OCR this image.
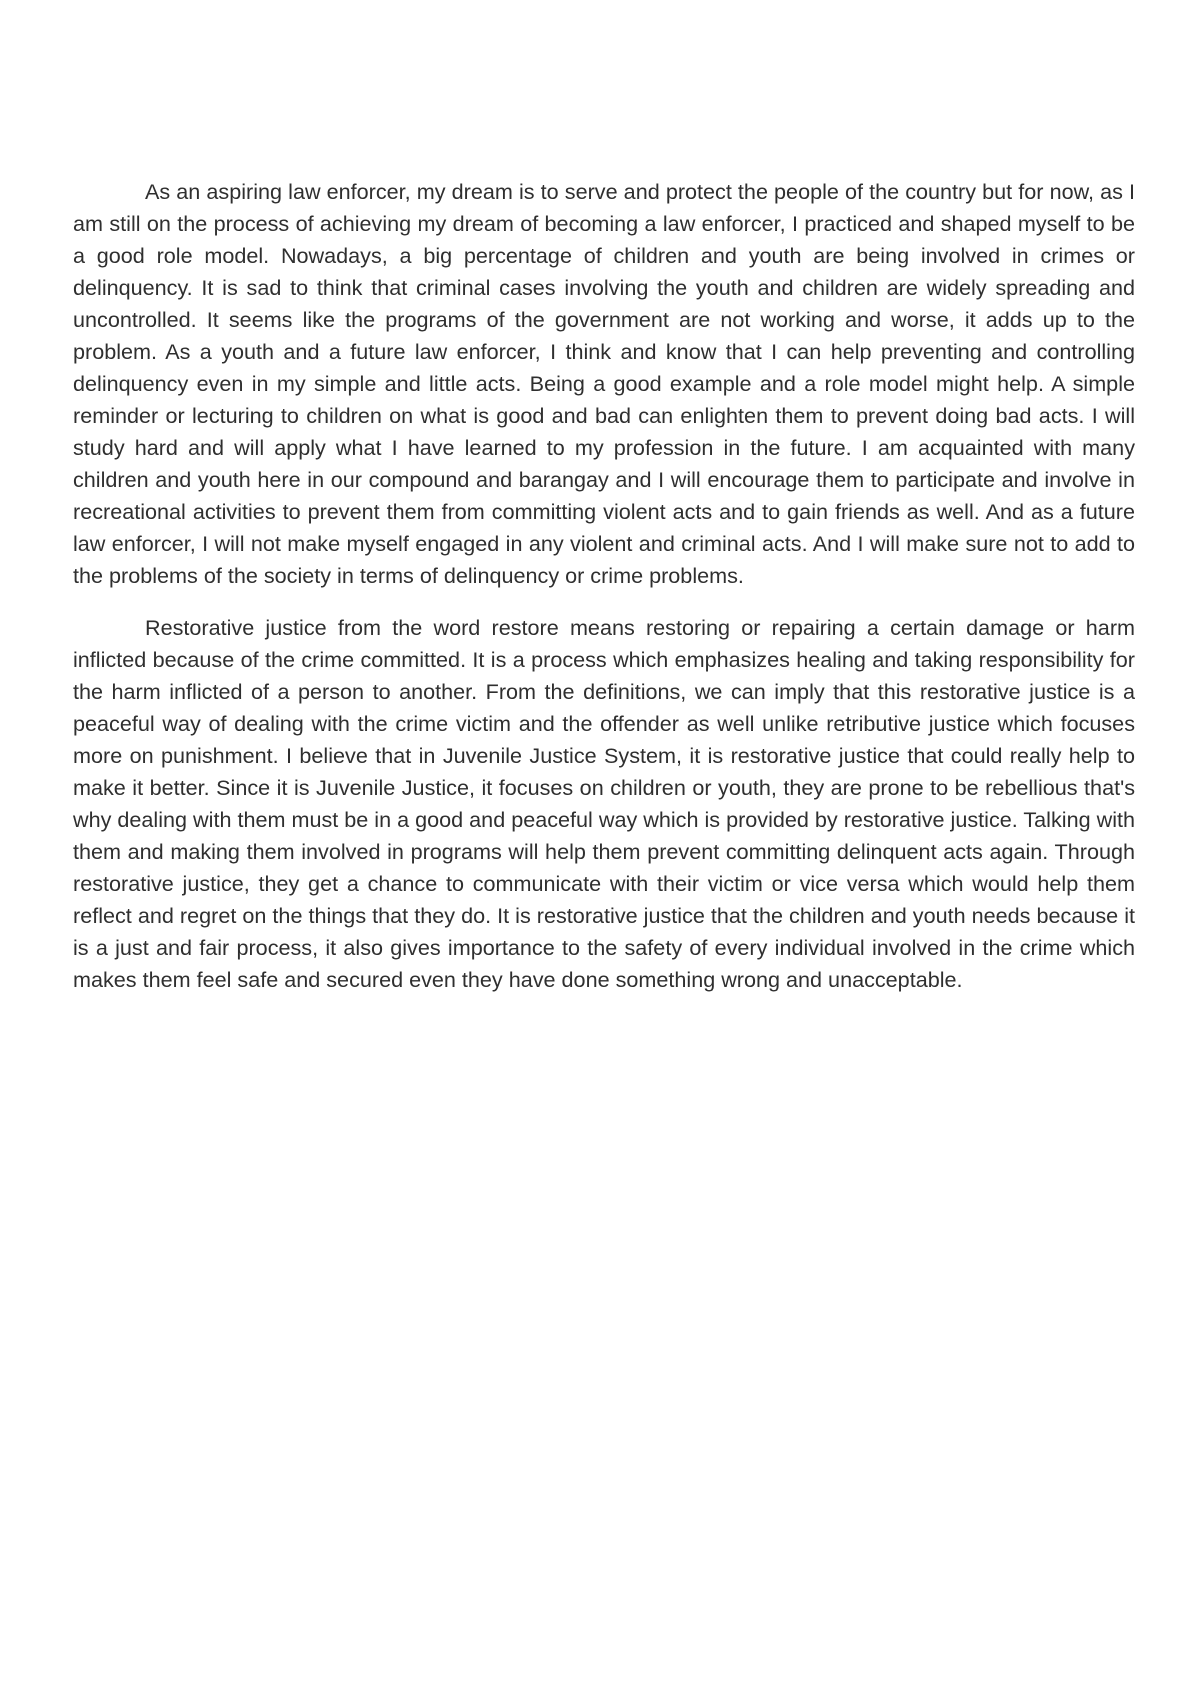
As an aspiring law enforcer, my dream is to serve and protect the people of the country but for now, as I am still on the process of achieving my dream of becoming a law enforcer, I practiced and shaped myself to be a good role model. Nowadays, a big percentage of children and youth are being involved in crimes or delinquency. It is sad to think that criminal cases involving the youth and children are widely spreading and uncontrolled. It seems like the programs of the government are not working and worse, it adds up to the problem. As a youth and a future law enforcer, I think and know that I can help preventing and controlling delinquency even in my simple and little acts. Being a good example and a role model might help. A simple reminder or lecturing to children on what is good and bad can enlighten them to prevent doing bad acts. I will study hard and will apply what I have learned to my profession in the future. I am acquainted with many children and youth here in our compound and barangay and I will encourage them to participate and involve in recreational activities to prevent them from committing violent acts and to gain friends as well. And as a future law enforcer, I will not make myself engaged in any violent and criminal acts. And I will make sure not to add to the problems of the society in terms of delinquency or crime problems.

Restorative justice from the word restore means restoring or repairing a certain damage or harm inflicted because of the crime committed. It is a process which emphasizes healing and taking responsibility for the harm inflicted of a person to another. From the definitions, we can imply that this restorative justice is a peaceful way of dealing with the crime victim and the offender as well unlike retributive justice which focuses more on punishment. I believe that in Juvenile Justice System, it is restorative justice that could really help to make it better. Since it is Juvenile Justice, it focuses on children or youth, they are prone to be rebellious that's why dealing with them must be in a good and peaceful way which is provided by restorative justice. Talking with them and making them involved in programs will help them prevent committing delinquent acts again. Through restorative justice, they get a chance to communicate with their victim or vice versa which would help them reflect and regret on the things that they do. It is restorative justice that the children and youth needs because it is a just and fair process, it also gives importance to the safety of every individual involved in the crime which makes them feel safe and secured even they have done something wrong and unacceptable.
